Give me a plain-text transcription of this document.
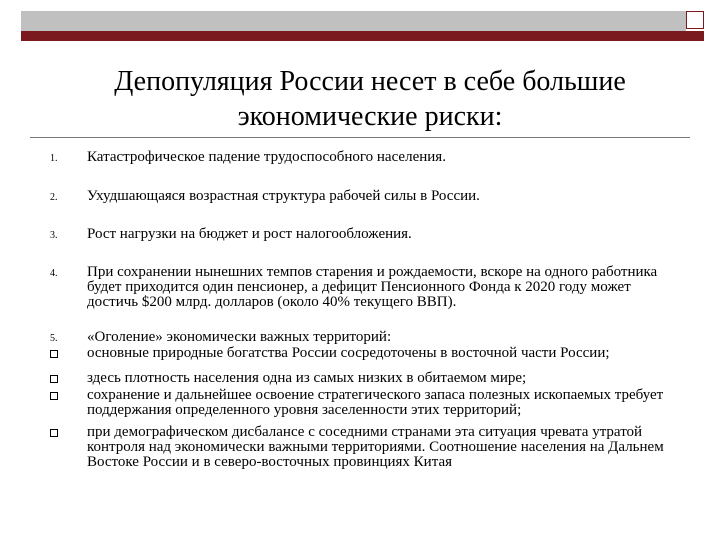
Депопуляция России несет в себе большие
экономические риски:
1. Катастрофическое падение трудоспособного населения.
2. Ухудшающаяся возрастная структура рабочей силы в России.
3. Рост нагрузки на бюджет и рост налогообложения.
4. При сохранении нынешних темпов старения и рождаемости, вскоре на одного работника будет приходится один пенсионер, а дефицит Пенсионного Фонда к 2020 году может достичь $200 млрд. долларов (около 40% текущего ВВП).
5. «Оголение» экономически важных территорий:
основные природные богатства России сосредоточены в восточной части России;
здесь плотность населения одна из самых низких в обитаемом мире;
сохранение и дальнейшее освоение стратегического запаса полезных ископаемых требует поддержания определенного уровня заселенности этих территорий;
при демографическом дисбалансе с соседними странами эта ситуация чревата утратой контроля над экономически важными территориями. Соотношение населения на Дальнем Востоке России и в северо-восточных провинциях Китая
